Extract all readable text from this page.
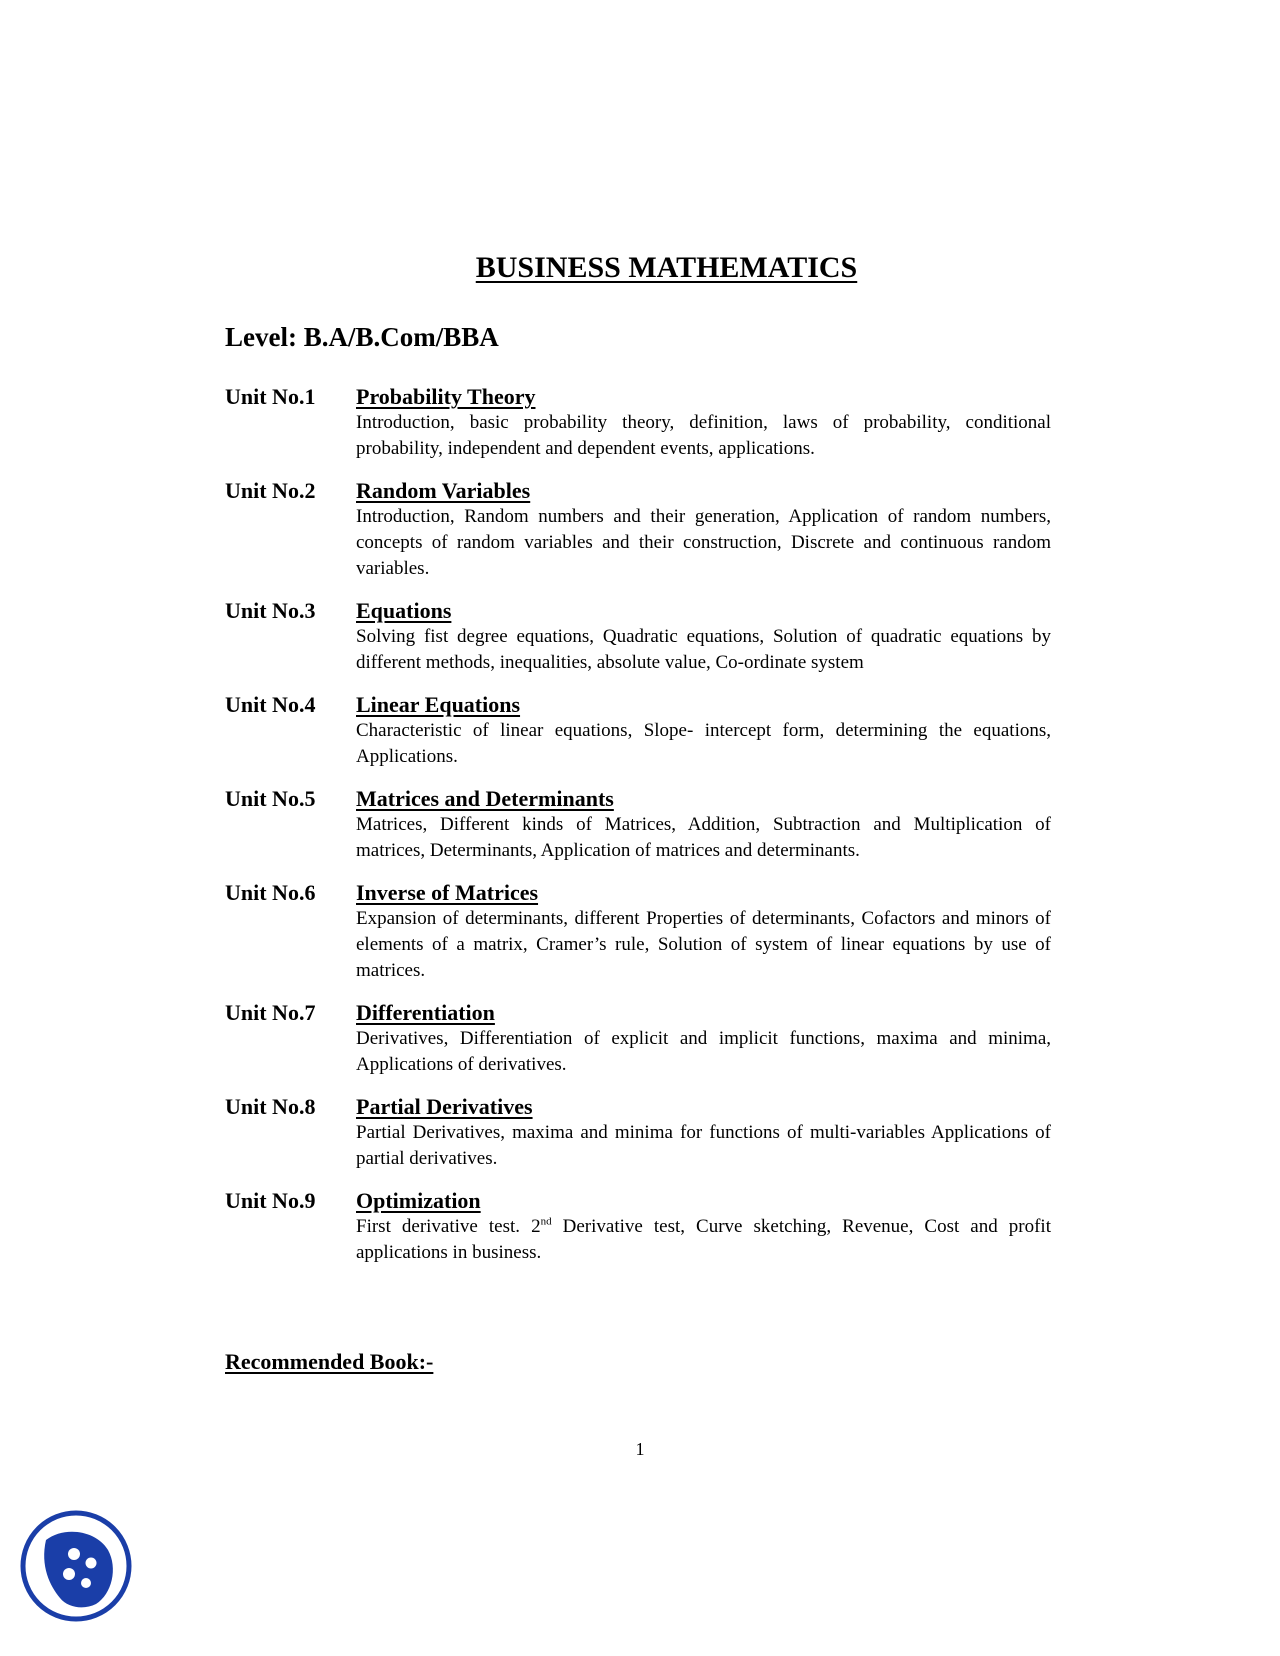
BUSINESS MATHEMATICS
Level: B.A/B.Com/BBA
Unit No.1	Probability Theory

Introduction, basic probability theory, definition, laws of probability, conditional probability, independent and dependent events, applications.

Unit No.2	Random Variables

Introduction, Random numbers and their generation, Application of random numbers, concepts of random variables and their construction, Discrete and continuous random variables.

Unit No.3	Equations

Solving fist degree equations, Quadratic equations, Solution of quadratic equations by different methods, inequalities, absolute value, Co-ordinate system

Unit No.4	Linear Equations

Characteristic of linear equations, Slope- intercept form, determining the equations, Applications.

Unit No.5	Matrices and Determinants

Matrices, Different kinds of Matrices, Addition, Subtraction and Multiplication of matrices, Determinants, Application of matrices and determinants.

Unit No.6	Inverse of Matrices

Expansion of determinants, different Properties of determinants, Cofactors and minors of elements of a matrix, Cramer’s rule, Solution of system of linear equations by use of matrices.

Unit No.7	Differentiation

Derivatives, Differentiation of explicit and implicit functions, maxima and minima, Applications of derivatives.

Unit No.8	Partial Derivatives

Partial Derivatives, maxima and minima for functions of multi-variables Applications of partial derivatives.

Unit No.9	Optimization

First derivative test. 2nd Derivative test, Curve sketching, Revenue, Cost and profit applications in business.

Recommended Book:-
1
